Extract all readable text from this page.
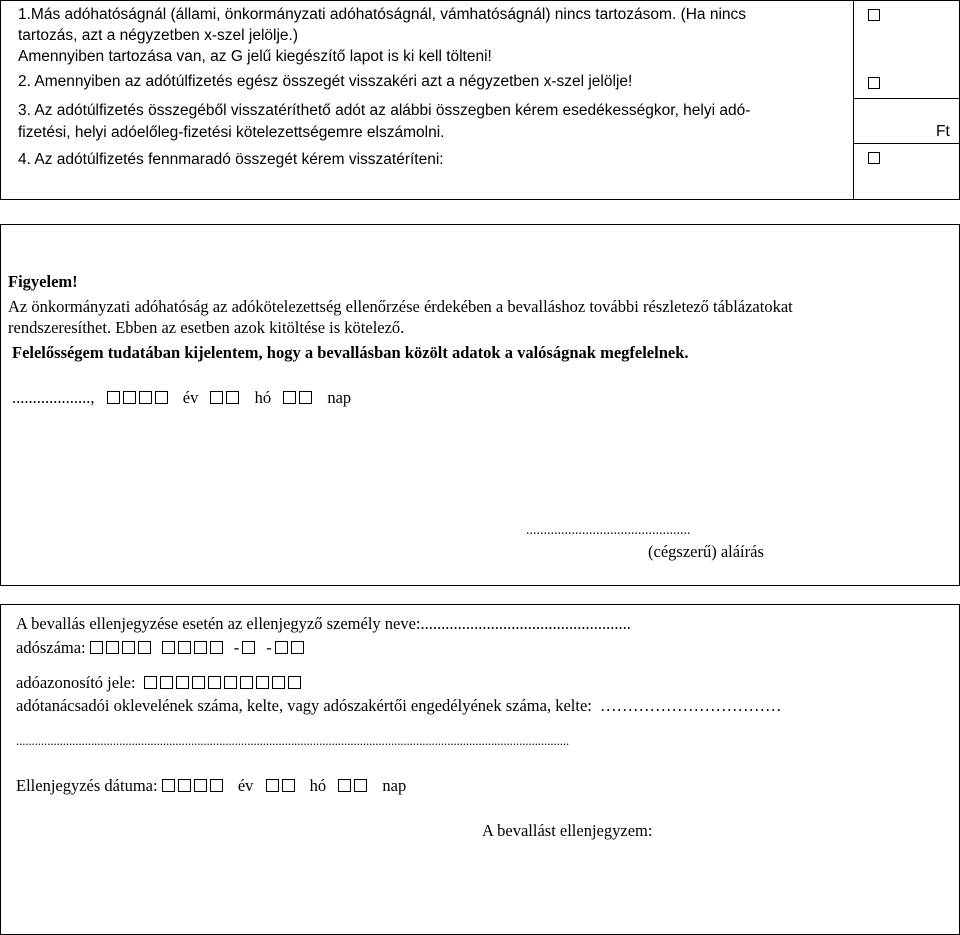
1.Más adóhatóságnál (állami, önkormányzati adóhatóságnál, vámhatóságnál) nincs tartozásom. (Ha nincs
tartozás, azt a négyzetben x-szel jelölje.)
Amennyiben tartozása van, az G jelű kiegészítő lapot is ki kell tölteni!
2. Amennyiben az adótúlfizetés egész összegét visszakéri azt a négyzetben x-szel jelölje!
3. Az adótúlfizetés összegéből visszatéríthető adót az alábbi összegben kérem esedékességkor, helyi adó-
fizetési, helyi adóelőleg-fizetési kötelezettségemre elszámolni.	Ft
4. Az adótúlfizetés fennmaradó összegét kérem visszatéríteni:
Figyelem!
Az önkormányzati adóhatóság az adókötelezettség ellenőrzése érdekében a bevalláshoz további részletező táblázatokat
rendszeresíthet. Ebben az esetben azok kitöltése is kötelező.
Felelősségem tudatában kijelentem, hogy a bevallásban közölt adatok a valóságnak megfelelnek.
...................,	év	hó	nap
...............................................
(cégszerű) aláírás
A bevallás ellenjegyzése esetén az ellenjegyző személy neve:...................................................
adószáma:	- -
adóazonosító jele:
adótanácsadói oklevelének száma, kelte, vagy adószakértői engedélyének száma, kelte: ……………………………
.................................................................................................................................................................................
Ellenjegyzés dátuma:	év	hó	nap
A bevallást ellenjegyzem:
